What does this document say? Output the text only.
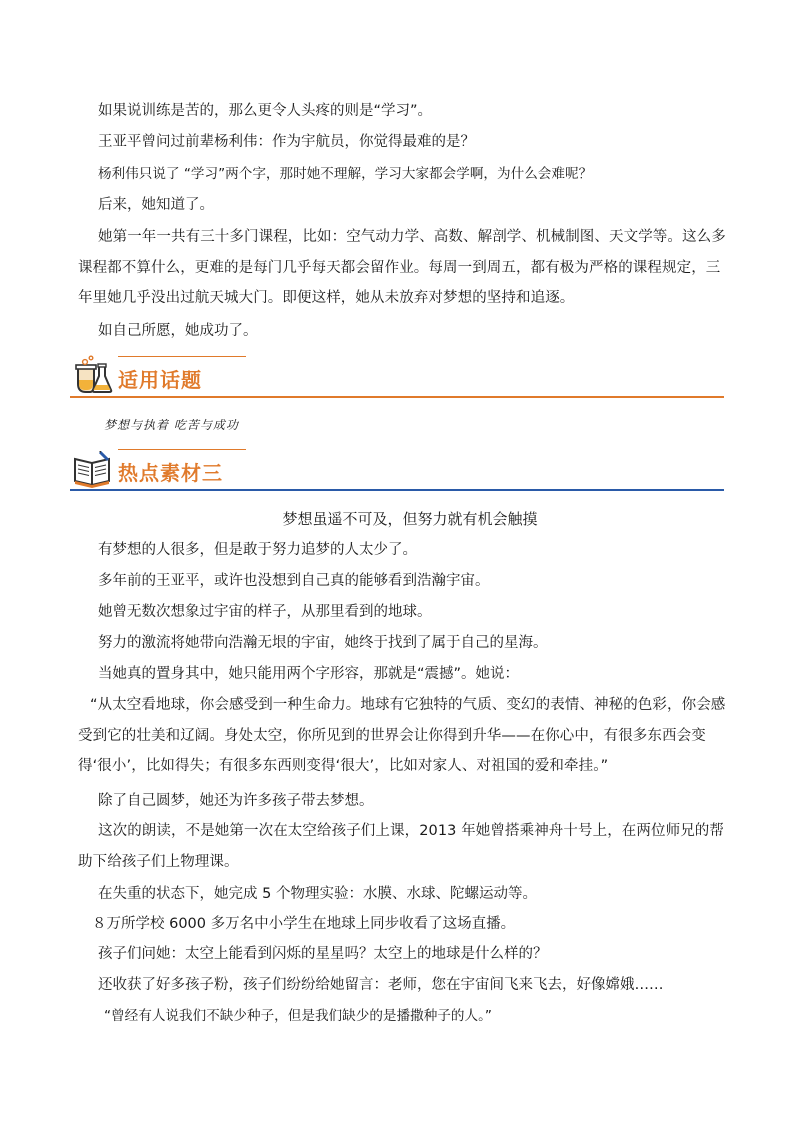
如果说训练是苦的，那么更令人头疼的则是“学习”。

王亚平曾问过前辈杨利伟：作为宇航员，你觉得最难的是？

杨利伟只说了 “学习”两个字，那时她不理解，学习大家都会学啊，为什么会难呢？

后来，她知道了。

她第一年一共有三十多门课程，比如：空气动力学、高数、解剖学、机械制图、天文学等。这么多课程都不算什么，更难的是每门几乎每天都会留作业。每周一到周五，都有极为严格的课程规定，三年里她几乎没出过航天城大门。即便这样，她从未放弃对梦想的坚持和追逐。

如自己所愿，她成功了。

适用话题
梦想与执着 吃苦与成功
热点素材三
梦想虽遥不可及，但努力就有机会触摸

有梦想的人很多，但是敢于努力追梦的人太少了。

多年前的王亚平，或许也没想到自己真的能够看到浩瀚宇宙。

她曾无数次想象过宇宙的样子，从那里看到的地球。

努力的激流将她带向浩瀚无垠的宇宙，她终于找到了属于自己的星海。

当她真的置身其中，她只能用两个字形容，那就是“震撼”。她说：

“从太空看地球，你会感受到一种生命力。地球有它独特的气质、变幻的表情、神秘的色彩，你会感受到它的壮美和辽阔。身处太空，你所见到的世界会让你得到升华——在你心中，有很多东西会变得‘很小’，比如得失；有很多东西则变得‘很大’，比如对家人、对祖国的爱和牵挂。”

除了自己圆梦，她还为许多孩子带去梦想。

这次的朗读，不是她第一次在太空给孩子们上课，2013 年她曾搭乘神舟十号上，在两位师兄的帮助下给孩子们上物理课。

在失重的状态下，她完成 5 个物理实验：水膜、水球、陀螺运动等。

８万所学校 6000 多万名中小学生在地球上同步收看了这场直播。

孩子们问她：太空上能看到闪烁的星星吗？太空上的地球是什么样的？

还收获了好多孩子粉，孩子们纷纷给她留言：老师，您在宇宙间飞来飞去，好像嫦娥……

“曾经有人说我们不缺少种子，但是我们缺少的是播撒种子的人。”
